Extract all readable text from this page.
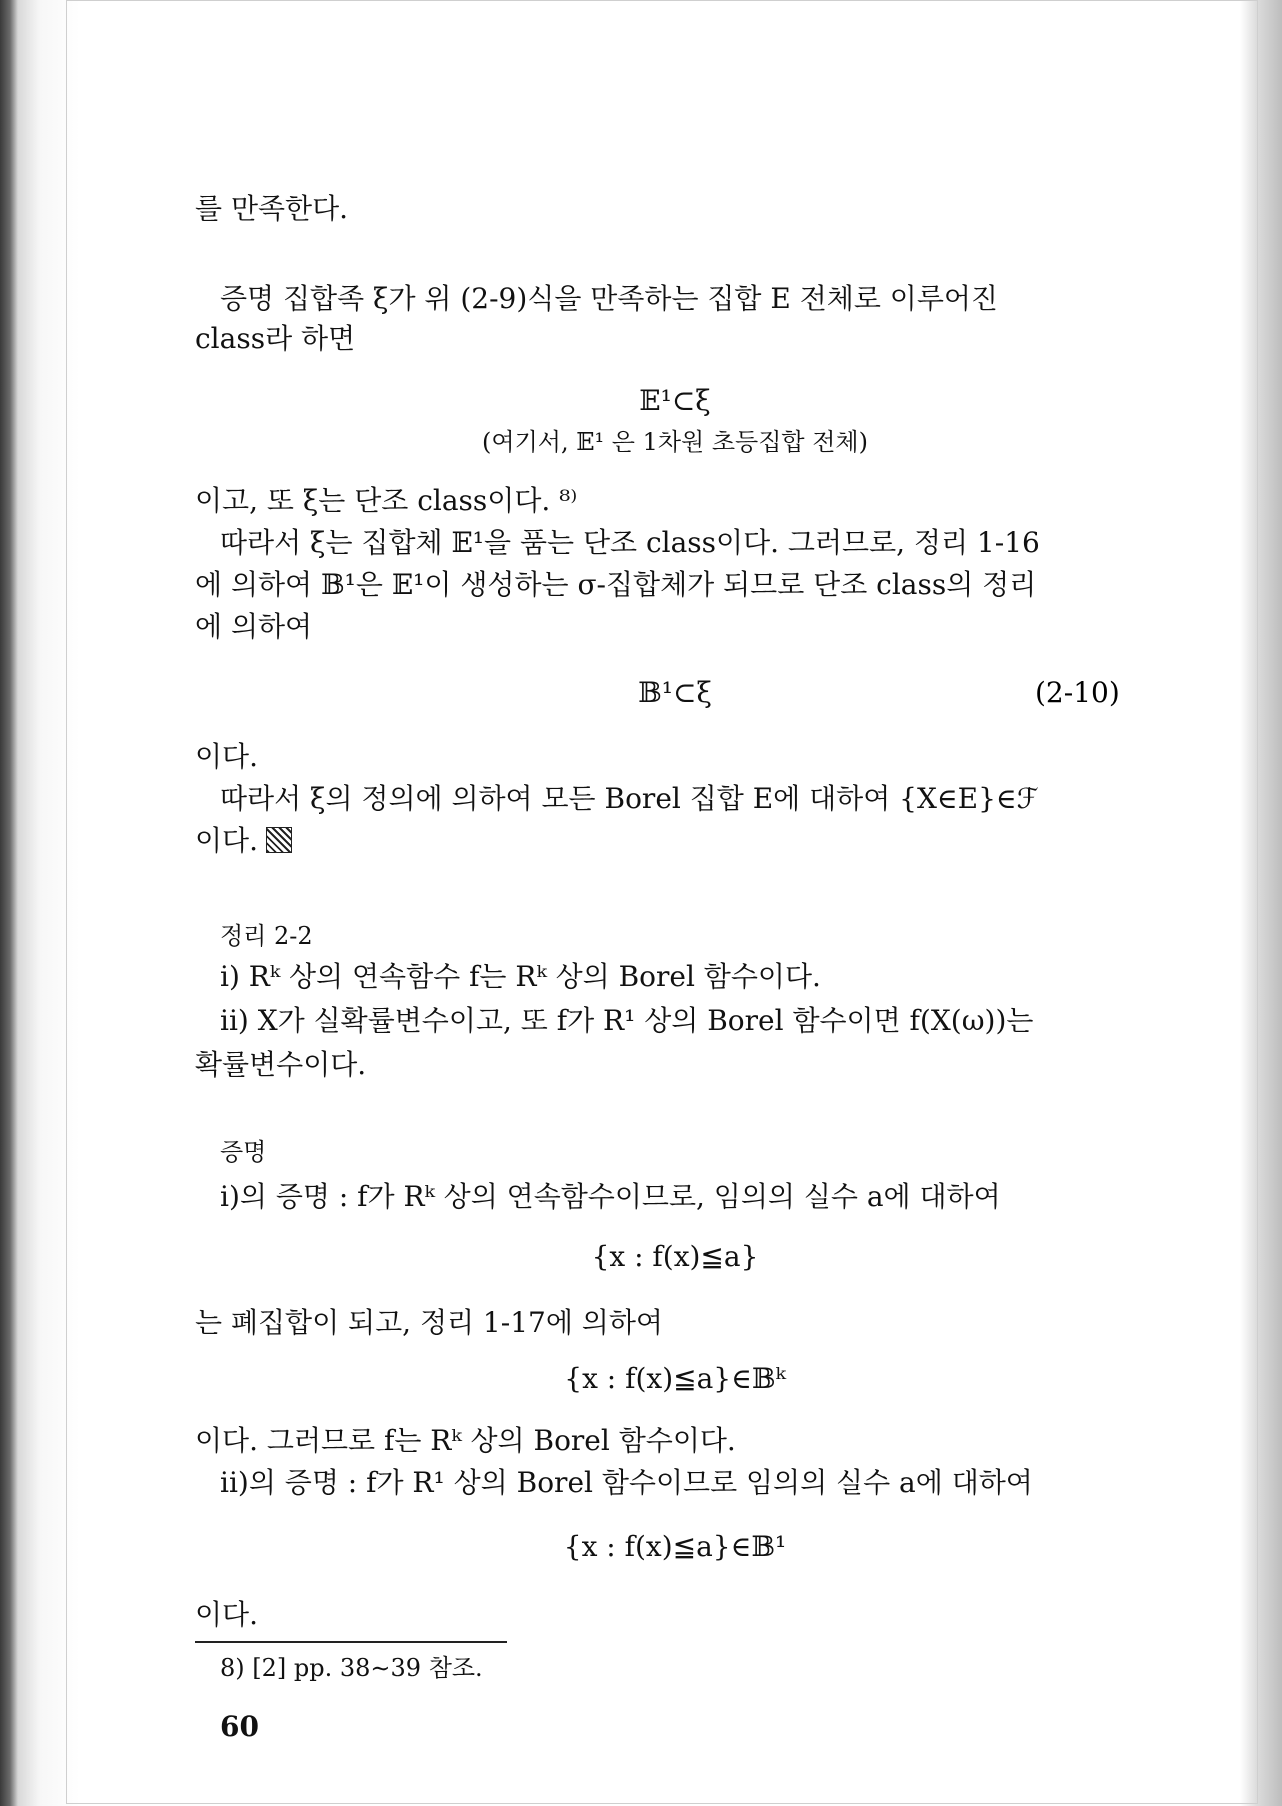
를 만족한다.
증명 집합족 ξ가 위 (2-9)식을 만족하는 집합 E 전체로 이루어진
class라 하면
𝔼¹⊂ξ
(여기서, 𝔼¹ 은 1차원 초등집합 전체)
이고, 또 ξ는 단조 class이다. ⁸⁾
따라서 ξ는 집합체 𝔼¹을 품는 단조 class이다. 그러므로, 정리 1-16
에 의하여 𝔹¹은 𝔼¹이 생성하는 σ-집합체가 되므로 단조 class의 정리
에 의하여
𝔹¹⊂ξ	(2-10)
이다.
따라서 ξ의 정의에 의하여 모든 Borel 집합 E에 대하여 {X∈E}∈ℱ
이다.
정리 2-2
i) Rᵏ 상의 연속함수 f는 Rᵏ 상의 Borel 함수이다.
ii) X가 실확률변수이고, 또 f가 R¹ 상의 Borel 함수이면 f(X(ω))는
확률변수이다.
증명
i)의 증명 : f가 Rᵏ 상의 연속함수이므로, 임의의 실수 a에 대하여
{x : f(x)≦a}
는 폐집합이 되고, 정리 1-17에 의하여
{x : f(x)≦a}∈𝔹ᵏ
이다. 그러므로 f는 Rᵏ 상의 Borel 함수이다.
ii)의 증명 : f가 R¹ 상의 Borel 함수이므로 임의의 실수 a에 대하여
{x : f(x)≦a}∈𝔹¹
이다.
8) [2] pp. 38∼39 참조.
60
